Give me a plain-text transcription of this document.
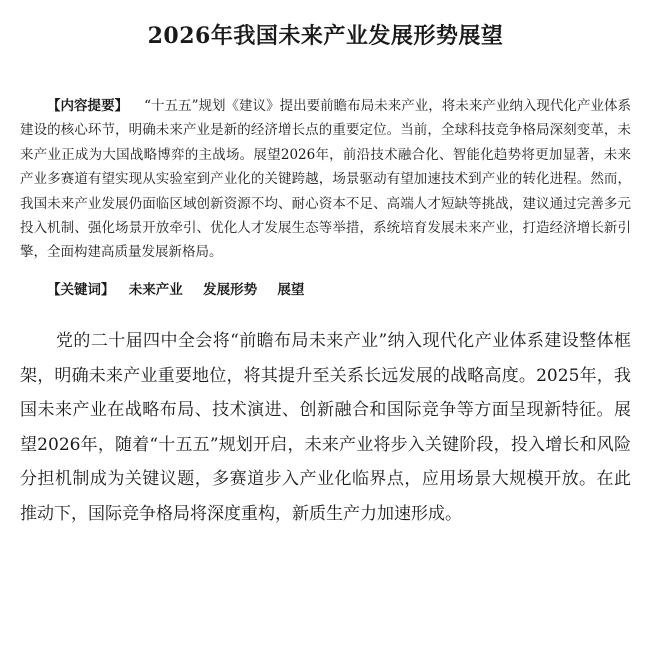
2026年我国未来产业发展形势展望

【内容提要】 “十五五”规划《建议》提出要前瞻布局未来产业，将未来产业纳入现代化产业体系建设的核心环节，明确未来产业是新的经济增长点的重要定位。当前，全球科技竞争格局深刻变革，未来产业正成为大国战略博弈的主战场。展望2026年，前沿技术融合化、智能化趋势将更加显著，未来产业多赛道有望实现从实验室到产业化的关键跨越，场景驱动有望加速技术到产业的转化进程。然而，我国未来产业发展仍面临区域创新资源不均、耐心资本不足、高端人才短缺等挑战，建议通过完善多元投入机制、强化场景开放牵引、优化人才发展生态等举措，系统培育发展未来产业，打造经济增长新引擎，全面构建高质量发展新格局。

【关键词】 未来产业 发展形势 展望

党的二十届四中全会将“前瞻布局未来产业”纳入现代化产业体系建设整体框架，明确未来产业重要地位，将其提升至关系长远发展的战略高度。2025年，我国未来产业在战略布局、技术演进、创新融合和国际竞争等方面呈现新特征。展望2026年，随着“十五五”规划开启，未来产业将步入关键阶段，投入增长和风险分担机制成为关键议题，多赛道步入产业化临界点，应用场景大规模开放。在此推动下，国际竞争格局将深度重构，新质生产力加速形成。
